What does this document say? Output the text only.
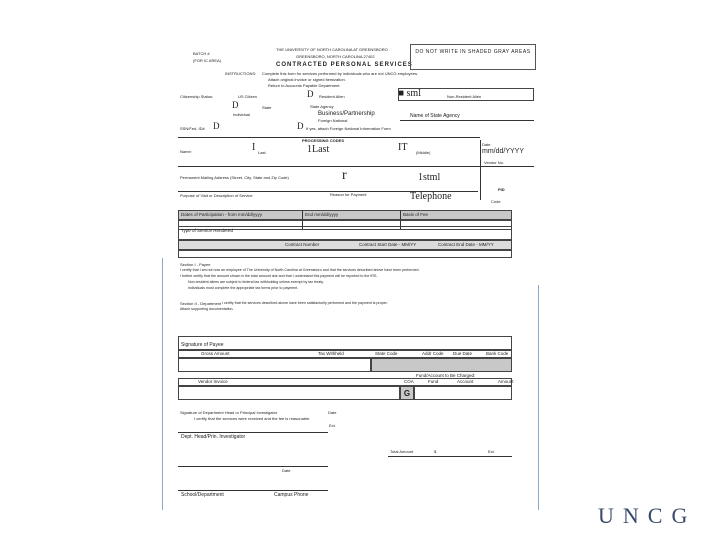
BATCH #
(FOR IC AREA)
THE UNIVERSITY OF NORTH CAROLINA AT GREENSBORO
GREENSBORO, NORTH CAROLINA 27402
CONTRACTED PERSONAL SERVICES
DO NOT WRITE IN SHADED GRAY AREAS
INSTRUCTIONS: Complete this form for services performed by individuals who are not UNCG employees.
Attach original invoice or signed itemization.
Return to Accounts Payable Department.
Citizenship Status:	US Citizen	D Resident Alien	■ sml	Non-Resident Alien
D	State	State Agency
Individual	Business/Partnership
Foreign National
Name of State Agency
D	D
SSN/Fed. ID#	If yes, attach Foreign National Information Form
PROCESSING CODES
Name:	I Last	1Last	IT (Middle)
Date
mm/dd/YYYY
Vendor No.
Permanent Mailing Address (Street, City, State and Zip Code)	r	1stml
PID
Purpose of Visit or Description of Service	Reason for Payment	Telephone	Code
Dates of Participation - from mm/dd/yyyy	End mm/dd/yyyy	Basis of Fee
Type of Service Rendered
Contract Number	Contract Start Date - MM/YY	Contract End Date - MM/YY
Section I - Payee
I certify that I am not now an employee of The University of North Carolina at Greensboro and that the services described above have been performed.
I further certify that the amount shown is the total amount due and that I understand this payment will be reported to the IRS.
Non-resident aliens are subject to federal tax withholding unless exempt by tax treaty.
Individuals must complete the appropriate tax forms prior to payment.
Section II - Department I certify that the services described above have been satisfactorily performed and the payment is proper.
Attach supporting documentation.
Signature of Payee
Gross Amount	Tax Withheld	State Code	Addr Code	Due Date	Bank Code
Fund/Account to Be Charged:
Vendor Invoice	COA	Fund	Account	Amount
G
Signature of Department Head or Principal Investigator
I certify that the services were received and the fee is reasonable.
Date
Ext.
Dept. Head/Prin. Investigator
Total Amount	$	Ext.
Date
School/Department	Campus Phone
UNCG
